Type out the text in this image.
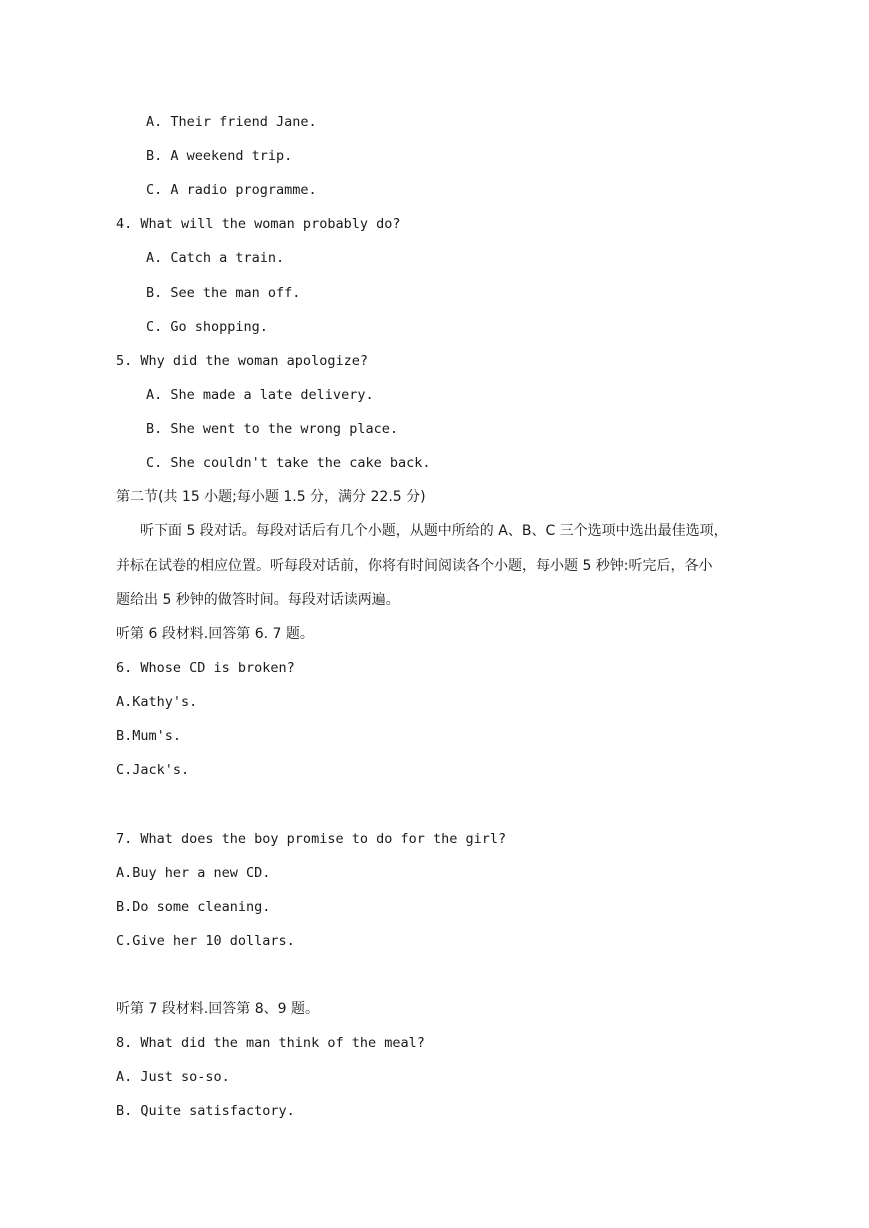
A. Their friend Jane.
B. A weekend trip.
C. A radio programme.
4. What will the woman probably do?
A. Catch a train.
B. See the man off.
C. Go shopping.
5. Why did the woman apologize?
A. She made a late delivery.
B. She went to the wrong place.
C. She couldn't take the cake back.
第二节(共 15 小题;每小题 1.5 分，满分 22.5 分)
听下面 5 段对话。每段对话后有几个小题，从题中所给的 A、B、C 三个选项中选出最佳选项，
并标在试卷的相应位置。听每段对话前，你将有时间阅读各个小题，每小题 5 秒钟:听完后，各小
题给出 5 秒钟的做答时间。每段对话读两遍。
听第 6 段材料.回答第 6. 7 题。
6. Whose CD is broken?
A.Kathy's.
B.Mum's.
C.Jack's.
7. What does the boy promise to do for the girl?
A.Buy her a new CD.
B.Do some cleaning.
C.Give her 10 dollars.
听第 7 段材料.回答第 8、9 题。
8. What did the man think of the meal?
A. Just so-so.
B. Quite satisfactory.
